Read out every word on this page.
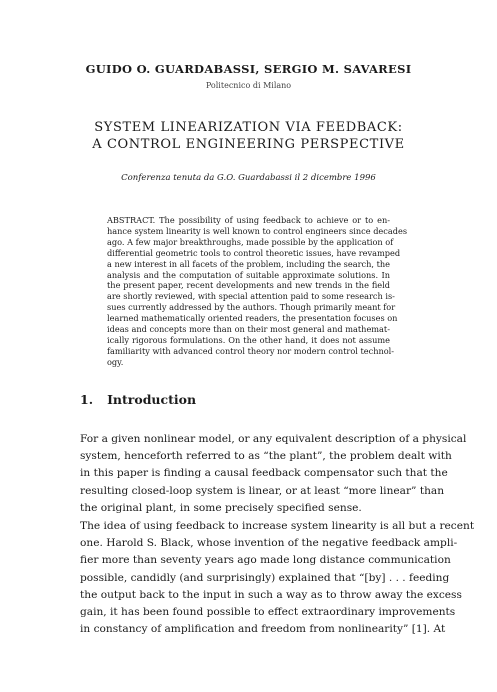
GUIDO O. GUARDABASSI, SERGIO M. SAVARESI
Politecnico di Milano
SYSTEM LINEARIZATION VIA FEEDBACK:
A CONTROL ENGINEERING PERSPECTIVE
Conferenza tenuta da G.O. Guardabassi il 2 dicembre 1996
ABSTRACT. The possibility of using feedback to achieve or to en-
hance system linearity is well known to control engineers since decades
ago. A few major breakthroughs, made possible by the application of
differential geometric tools to control theoretic issues, have revamped
a new interest in all facets of the problem, including the search, the
analysis and the computation of suitable approximate solutions. In
the present paper, recent developments and new trends in the field
are shortly reviewed, with special attention paid to some research is-
sues currently addressed by the authors. Though primarily meant for
learned mathematically oriented readers, the presentation focuses on
ideas and concepts more than on their most general and mathemat-
ically rigorous formulations. On the other hand, it does not assume
familiarity with advanced control theory nor modern control technol-
ogy.
1. Introduction
For a given nonlinear model, or any equivalent description of a physical
system, henceforth referred to as “the plant”, the problem dealt with
in this paper is finding a causal feedback compensator such that the
resulting closed-loop system is linear, or at least “more linear” than
the original plant, in some precisely specified sense.
The idea of using feedback to increase system linearity is all but a recent
one. Harold S. Black, whose invention of the negative feedback ampli-
fier more than seventy years ago made long distance communication
possible, candidly (and surprisingly) explained that “[by] . . . feeding
the output back to the input in such a way as to throw away the excess
gain, it has been found possible to effect extraordinary improvements
in constancy of amplification and freedom from nonlinearity” [1]. At
